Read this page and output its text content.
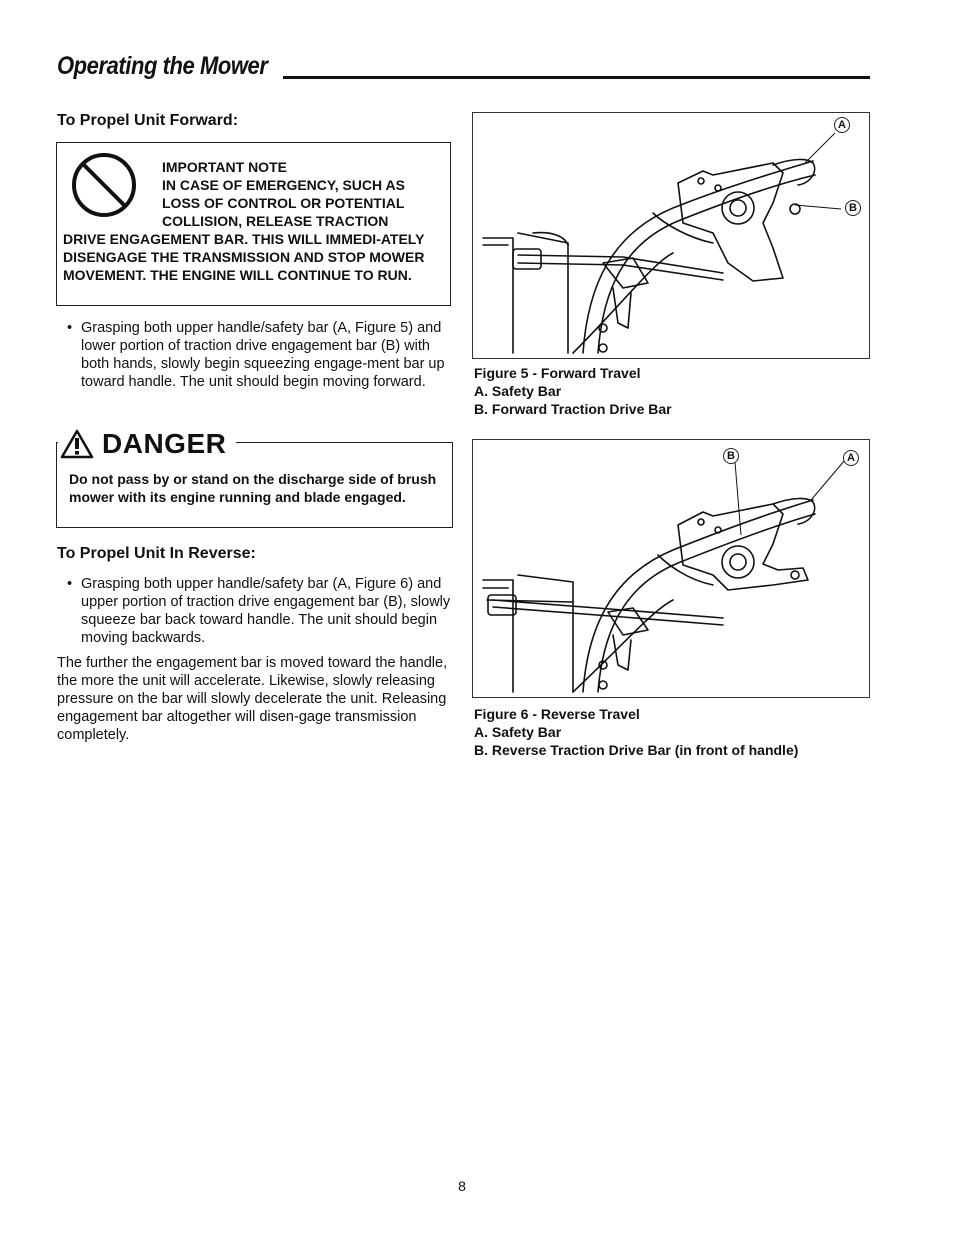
Operating the Mower
To Propel Unit Forward:
IMPORTANT NOTE
IN CASE OF EMERGENCY, SUCH AS
LOSS OF CONTROL OR POTENTIAL
COLLISION, RELEASE TRACTION
DRIVE ENGAGEMENT BAR. THIS WILL IMMEDI-ATELY DISENGAGE THE TRANSMISSION AND STOP MOWER MOVEMENT. THE ENGINE WILL CONTINUE TO RUN.
• Grasping both upper handle/safety bar (A, Figure 5) and lower portion of traction drive engagement bar (B) with both hands, slowly begin squeezing engage-ment bar up toward handle. The unit should begin moving forward.
DANGER
Do not pass by or stand on the discharge side of brush mower with its engine running and blade engaged.
To Propel Unit In Reverse:
• Grasping both upper handle/safety bar (A, Figure 6) and upper portion of traction drive engagement bar (B), slowly squeeze bar back toward handle. The unit should begin moving backwards.
The further the engagement bar is moved toward the handle, the more the unit will accelerate. Likewise, slowly releasing pressure on the bar will slowly decelerate the unit. Releasing engagement bar altogether will disen-gage transmission completely.
A
B
Figure 5 - Forward Travel
A. Safety Bar
B. Forward Traction Drive Bar
B	A
Figure 6 - Reverse Travel
A. Safety Bar
B. Reverse Traction Drive Bar (in front of handle)
8
